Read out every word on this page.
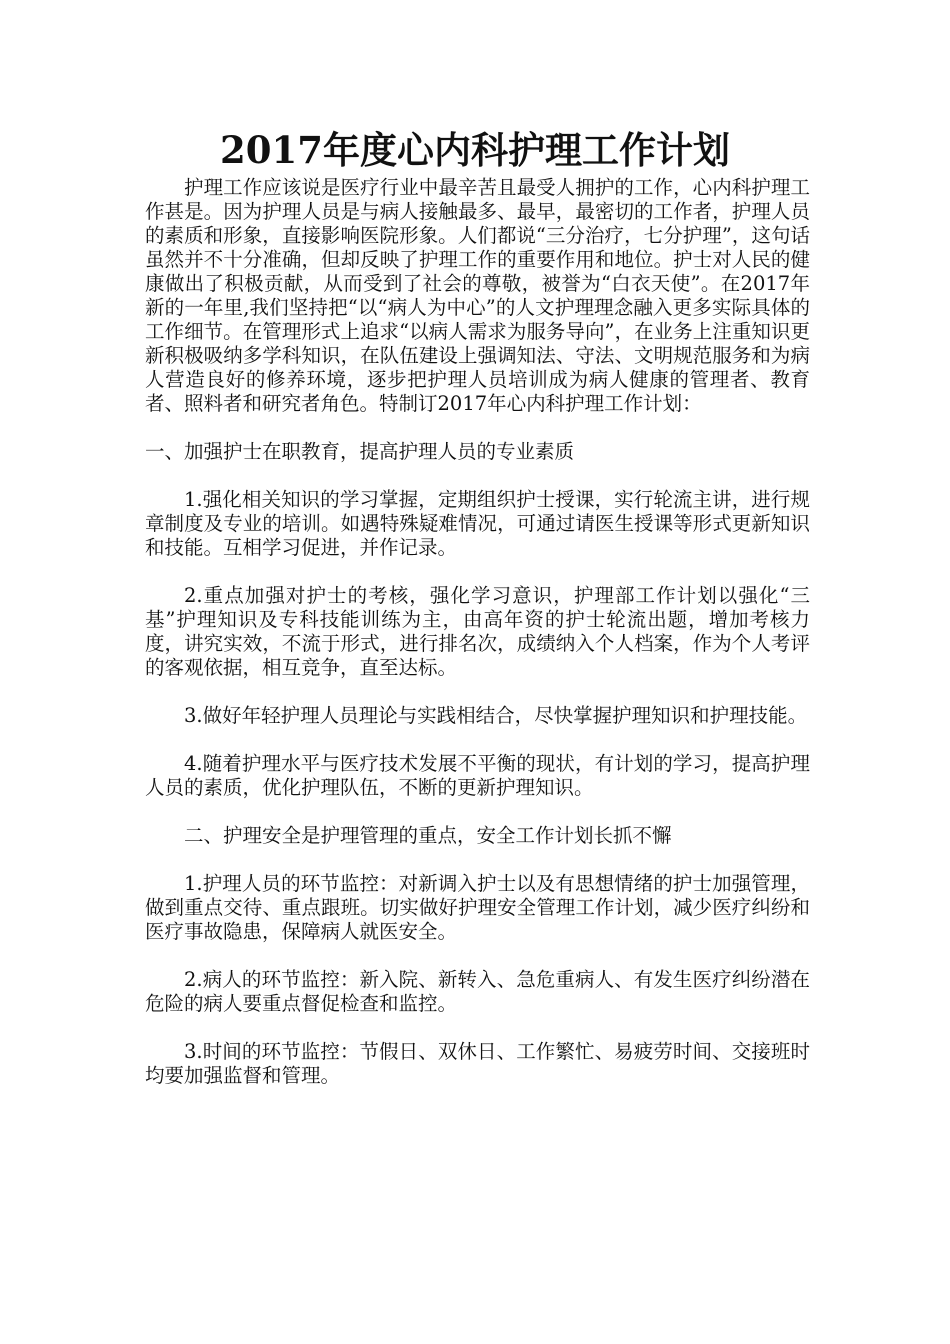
2017年度心内科护理工作计划

护理工作应该说是医疗行业中最辛苦且最受人拥护的工作，心内科护理工作甚是。因为护理人员是与病人接触最多、最早，最密切的工作者，护理人员的素质和形象，直接影响医院形象。人们都说“三分治疗，七分护理”，这句话虽然并不十分准确，但却反映了护理工作的重要作用和地位。护士对人民的健康做出了积极贡献，从而受到了社会的尊敬，被誉为“白衣天使”。在2017年新的一年里,我们坚持把“以“病人为中心”的人文护理理念融入更多实际具体的工作细节。在管理形式上追求“以病人需求为服务导向”，在业务上注重知识更新积极吸纳多学科知识，在队伍建设上强调知法、守法、文明规范服务和为病人营造良好的修养环境，逐步把护理人员培训成为病人健康的管理者、教育者、照料者和研究者角色。特制订2017年心内科护理工作计划：

一、加强护士在职教育，提高护理人员的专业素质

1.强化相关知识的学习掌握，定期组织护士授课，实行轮流主讲，进行规章制度及专业的培训。如遇特殊疑难情况，可通过请医生授课等形式更新知识和技能。互相学习促进，并作记录。

2.重点加强对护士的考核，强化学习意识，护理部工作计划以强化“三基”护理知识及专科技能训练为主，由高年资的护士轮流出题，增加考核力度，讲究实效，不流于形式，进行排名次，成绩纳入个人档案，作为个人考评的客观依据，相互竞争，直至达标。

3.做好年轻护理人员理论与实践相结合，尽快掌握护理知识和护理技能。

4.随着护理水平与医疗技术发展不平衡的现状，有计划的学习，提高护理人员的素质，优化护理队伍，不断的更新护理知识。

二、护理安全是护理管理的重点，安全工作计划长抓不懈

1.护理人员的环节监控：对新调入护士以及有思想情绪的护士加强管理，做到重点交待、重点跟班。切实做好护理安全管理工作计划，减少医疗纠纷和医疗事故隐患，保障病人就医安全。

2.病人的环节监控：新入院、新转入、急危重病人、有发生医疗纠纷潜在危险的病人要重点督促检查和监控。

3.时间的环节监控：节假日、双休日、工作繁忙、易疲劳时间、交接班时均要加强监督和管理。
